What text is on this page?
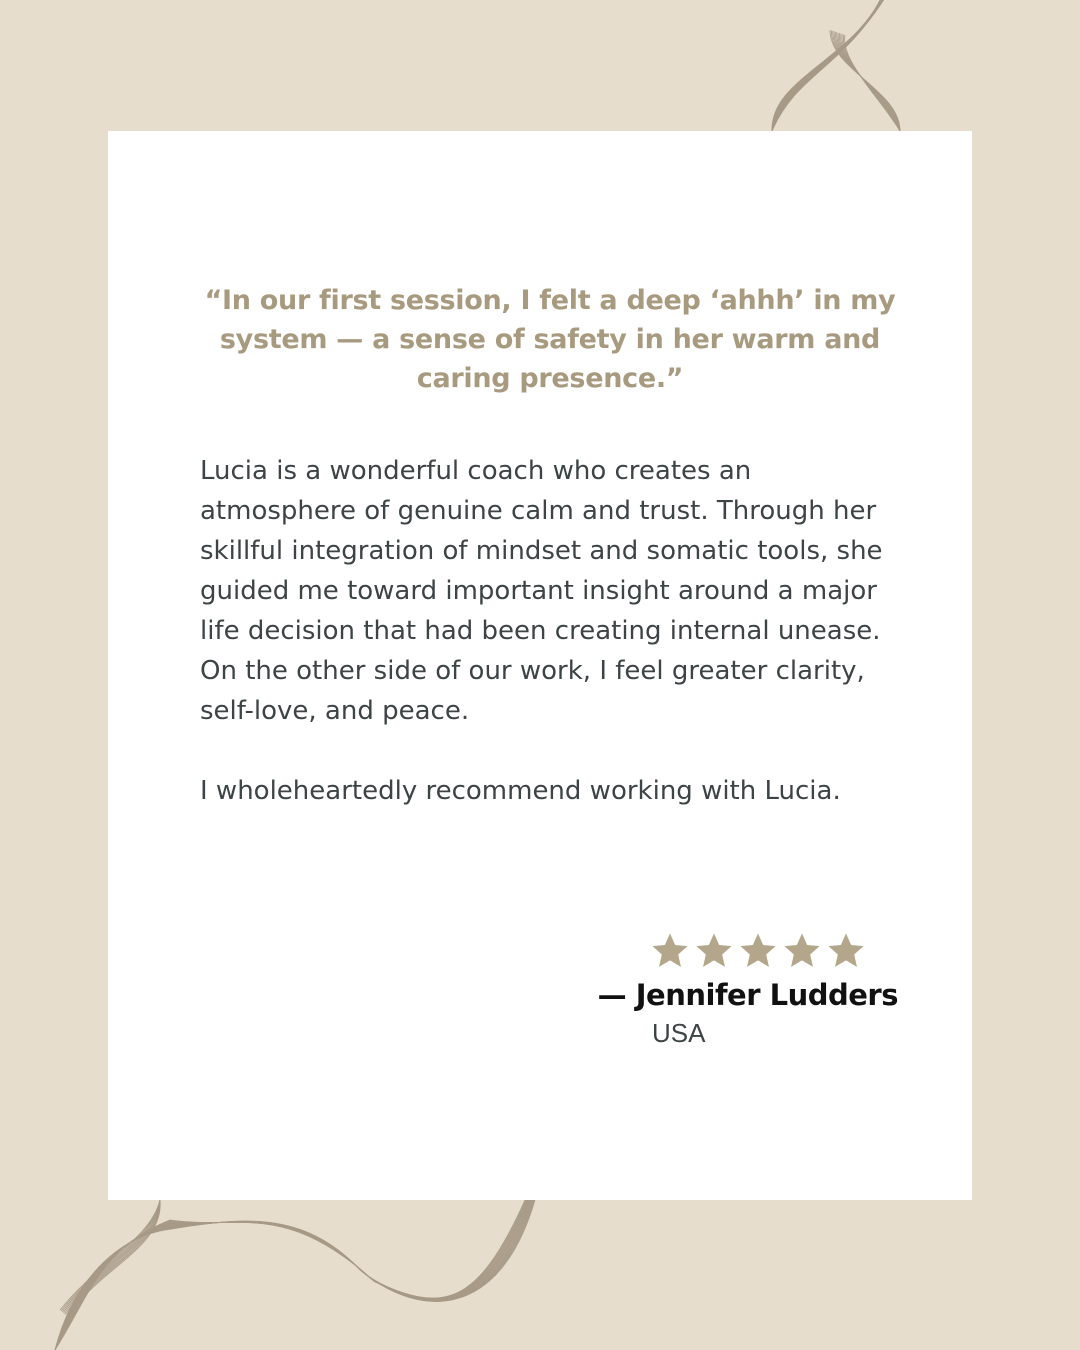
“In our first session, I felt a deep ‘ahhh’ in my system — a sense of safety in her warm and caring presence.”

Lucia is a wonderful coach who creates an atmosphere of genuine calm and trust. Through her skillful integration of mindset and somatic tools, she guided me toward important insight around a major life decision that had been creating internal unease.

On the other side of our work, I feel greater clarity, self-love, and peace.

I wholeheartedly recommend working with Lucia.

— Jennifer Ludders
USA
